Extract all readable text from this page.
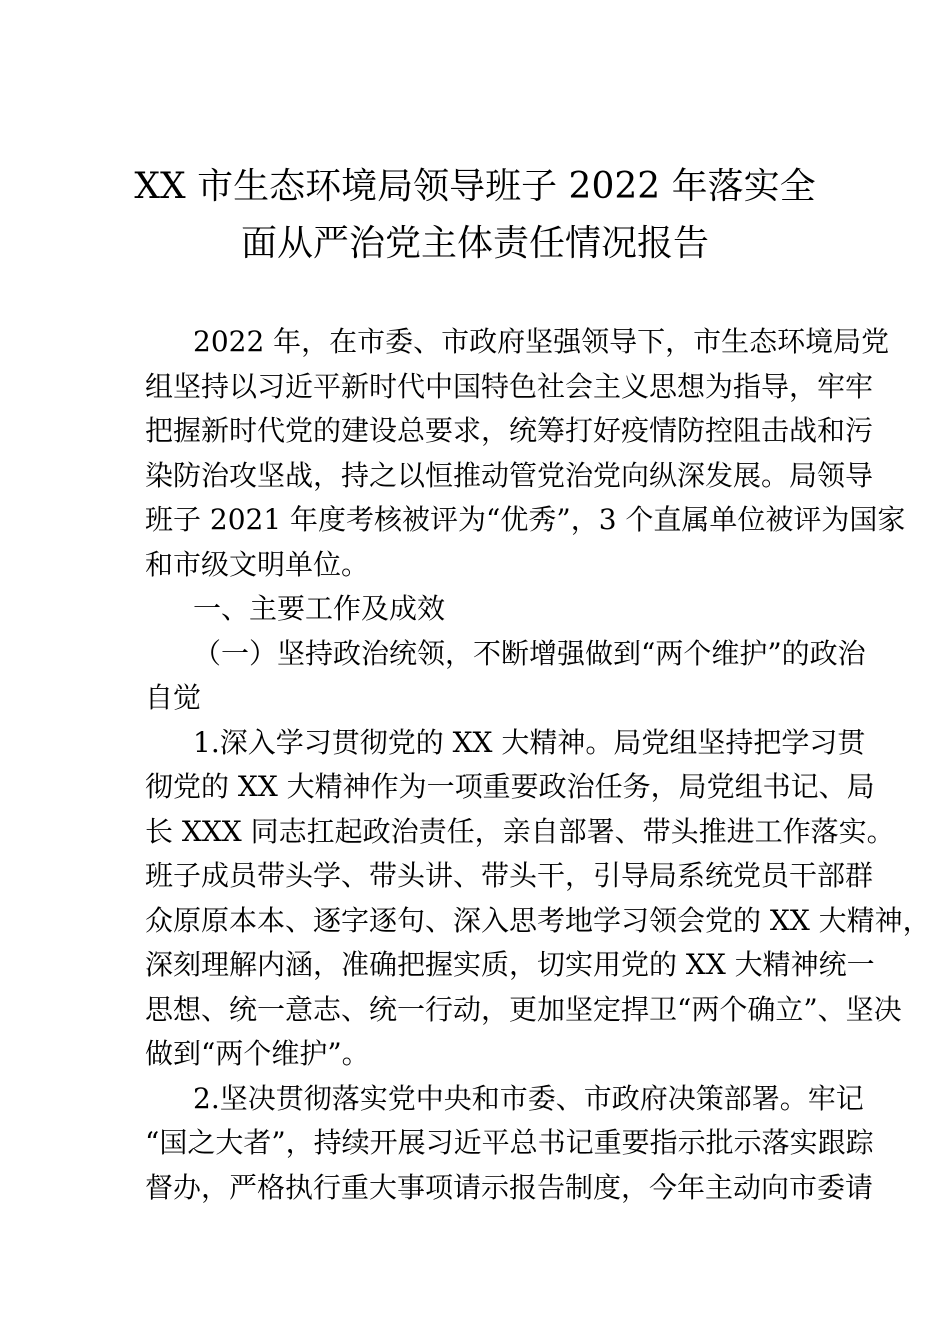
XX 市生态环境局领导班子 2022 年落实全
面从严治党主体责任情况报告
2022 年，在市委、市政府坚强领导下，市生态环境局党
组坚持以习近平新时代中国特色社会主义思想为指导，牢牢
把握新时代党的建设总要求，统筹打好疫情防控阻击战和污
染防治攻坚战，持之以恒推动管党治党向纵深发展。局领导
班子 2021 年度考核被评为“优秀”，3 个直属单位被评为国家
和市级文明单位。
一、主要工作及成效
（一）坚持政治统领，不断增强做到“两个维护”的政治
自觉
1.深入学习贯彻党的 XX 大精神。局党组坚持把学习贯
彻党的 XX 大精神作为一项重要政治任务，局党组书记、局
长 XXX 同志扛起政治责任，亲自部署、带头推进工作落实。
班子成员带头学、带头讲、带头干，引导局系统党员干部群
众原原本本、逐字逐句、深入思考地学习领会党的 XX 大精神，
深刻理解内涵，准确把握实质，切实用党的 XX 大精神统一
思想、统一意志、统一行动，更加坚定捍卫“两个确立”、坚决
做到“两个维护”。
2.坚决贯彻落实党中央和市委、市政府决策部署。牢记
“国之大者”，持续开展习近平总书记重要指示批示落实跟踪
督办，严格执行重大事项请示报告制度，今年主动向市委请
